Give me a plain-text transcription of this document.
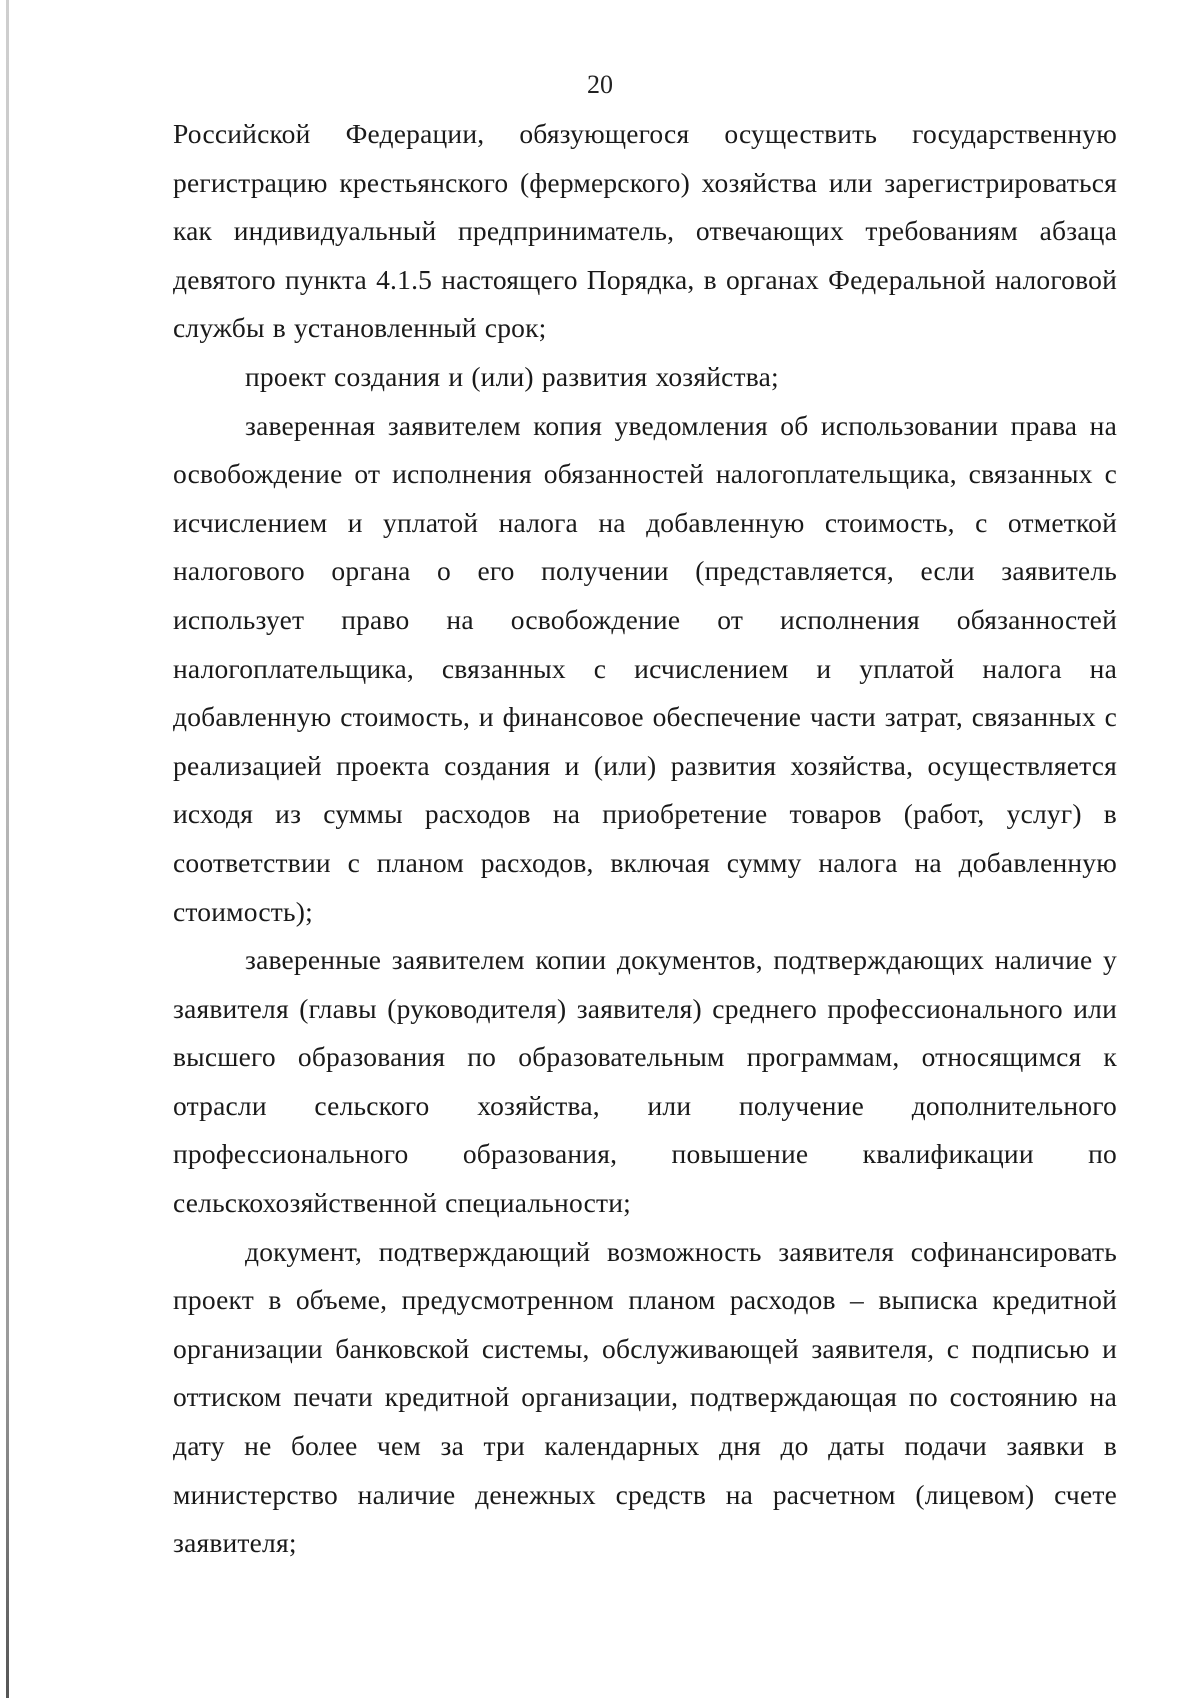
20

Российской Федерации, обязующегося осуществить государственную регистрацию крестьянского (фермерского) хозяйства или зарегистрироваться как индивидуальный предприниматель, отвечающих требованиям абзаца девятого пункта 4.1.5 настоящего Порядка, в органах Федеральной налоговой службы в установленный срок;

проект создания и (или) развития хозяйства;

заверенная заявителем копия уведомления об использовании права на освобождение от исполнения обязанностей налогоплательщика, связанных с исчислением и уплатой налога на добавленную стоимость, с отметкой налогового органа о его получении (представляется, если заявитель использует право на освобождение от исполнения обязанностей налогоплательщика, связанных с исчислением и уплатой налога на добавленную стоимость, и финансовое обеспечение части затрат, связанных с реализацией проекта создания и (или) развития хозяйства, осуществляется исходя из суммы расходов на приобретение товаров (работ, услуг) в соответствии с планом расходов, включая сумму налога на добавленную стоимость);

заверенные заявителем копии документов, подтверждающих наличие у заявителя (главы (руководителя) заявителя) среднего профессионального или высшего образования по образовательным программам, относящимся к отрасли сельского хозяйства, или получение дополнительного профессионального образования, повышение квалификации по сельскохозяйственной специальности;

документ, подтверждающий возможность заявителя софинансировать проект в объеме, предусмотренном планом расходов – выписка кредитной организации банковской системы, обслуживающей заявителя, с подписью и оттиском печати кредитной организации, подтверждающая по состоянию на дату не более чем за три календарных дня до даты подачи заявки в министерство наличие денежных средств на расчетном (лицевом) счете заявителя;
